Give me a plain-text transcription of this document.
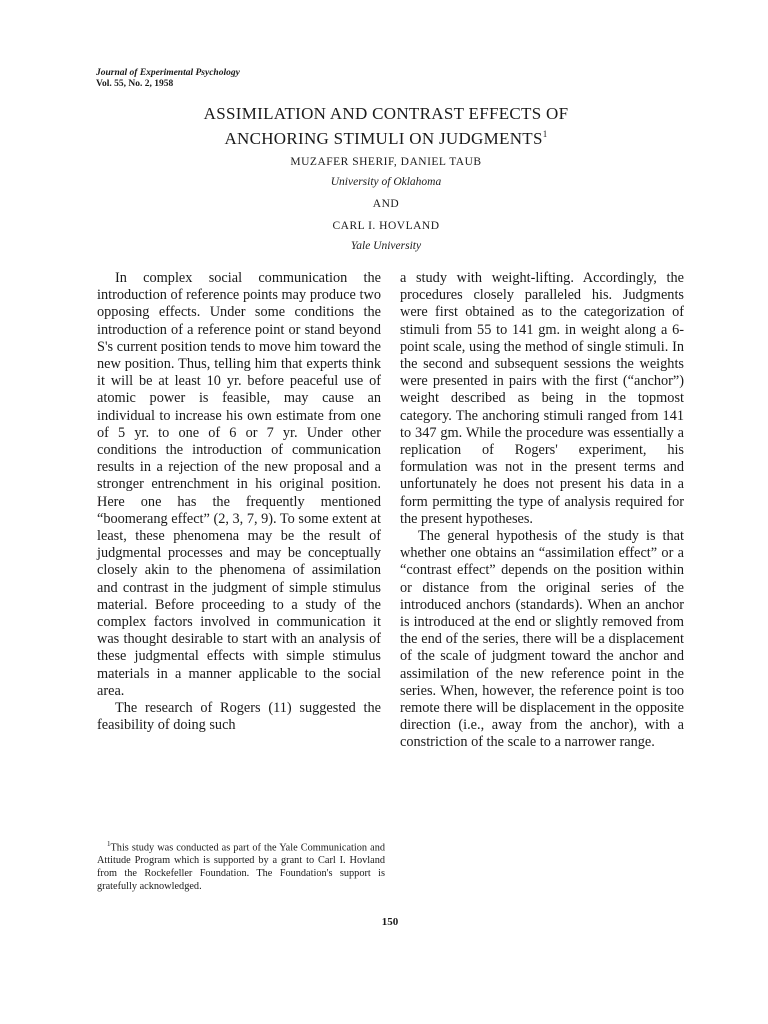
Journal of Experimental Psychology
Vol. 55, No. 2, 1958
ASSIMILATION AND CONTRAST EFFECTS OF
ANCHORING STIMULI ON JUDGMENTS$^1$
MUZAFER SHERIF, DANIEL TAUB
University of Oklahoma
AND
CARL I. HOVLAND
Yale University

In complex social communication the introduction of reference points may produce two opposing effects. Under some conditions the introduction of a reference point or stand beyond S's current position tends to move him toward the new position. Thus, telling him that experts think it will be at least 10 yr. before peaceful use of atomic power is feasible, may cause an individual to increase his own estimate from one of 5 yr. to one of 6 or 7 yr. Under other conditions the introduction of communication results in a rejection of the new proposal and a stronger entrenchment in his original position. Here one has the frequently mentioned “boomerang effect” (2, 3, 7, 9). To some extent at least, these phenomena may be the result of judgmental processes and may be conceptually closely akin to the phenomena of assimilation and contrast in the judgment of simple stimulus material. Before proceeding to a study of the complex factors involved in communication it was thought desirable to start with an analysis of these judgmental effects with simple stimulus materials in a manner applicable to the social area.

The research of Rogers (11) suggested the feasibility of doing such

a study with weight-lifting. Accordingly, the procedures closely paralleled his. Judgments were first obtained as to the categorization of stimuli from 55 to 141 gm. in weight along a 6-point scale, using the method of single stimuli. In the second and subsequent sessions the weights were presented in pairs with the first (“anchor”) weight described as being in the topmost category. The anchoring stimuli ranged from 141 to 347 gm. While the procedure was essentially a replication of Rogers' experiment, his formulation was not in the present terms and unfortunately he does not present his data in a form permitting the type of analysis required for the present hypotheses.

The general hypothesis of the study is that whether one obtains an “assimilation effect” or a “contrast effect” depends on the position within or distance from the original series of the introduced anchors (standards). When an anchor is introduced at the end or slightly removed from the end of the series, there will be a displacement of the scale of judgment toward the anchor and assimilation of the new reference point in the series. When, however, the reference point is too remote there will be displacement in the opposite direction (i.e., away from the anchor), with a constriction of the scale to a narrower range.

$^1$This study was conducted as part of the Yale Communication and Attitude Program which is supported by a grant to Carl I. Hovland from the Rockefeller Foundation. The Foundation's support is gratefully acknowledged.

150
